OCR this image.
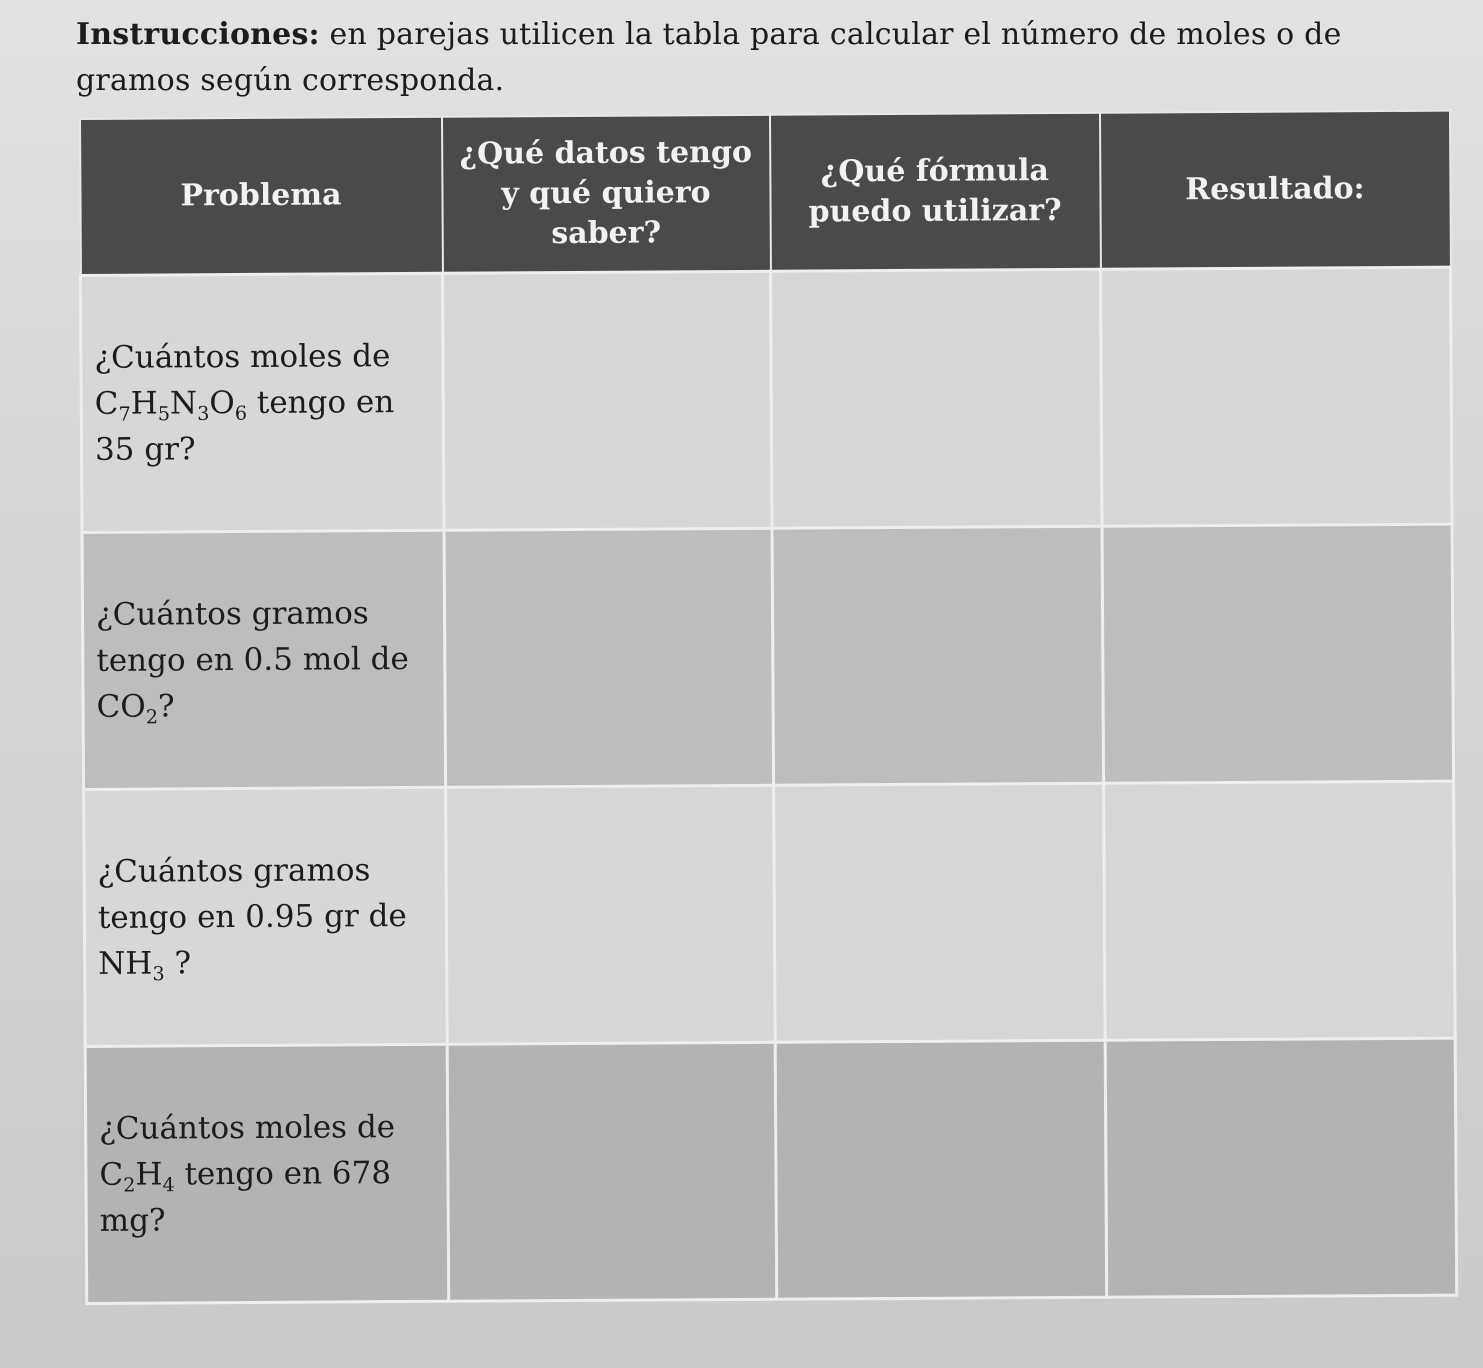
Instrucciones: en parejas utilicen la tabla para calcular el número de moles o de gramos según corresponda.
Problema	¿Qué datos tengo y qué quiero saber?	¿Qué fórmula puedo utilizar?	Resultado:
¿Cuántos moles de $C_7H_5N_3O_6$ tengo en 35 gr?			
¿Cuántos gramos tengo en 0.5 mol de $CO_2$?			
¿Cuántos gramos tengo en 0.95 gr de $NH_3$ ?			
¿Cuántos moles de $C_2H_4$ tengo en 678 mg?			
